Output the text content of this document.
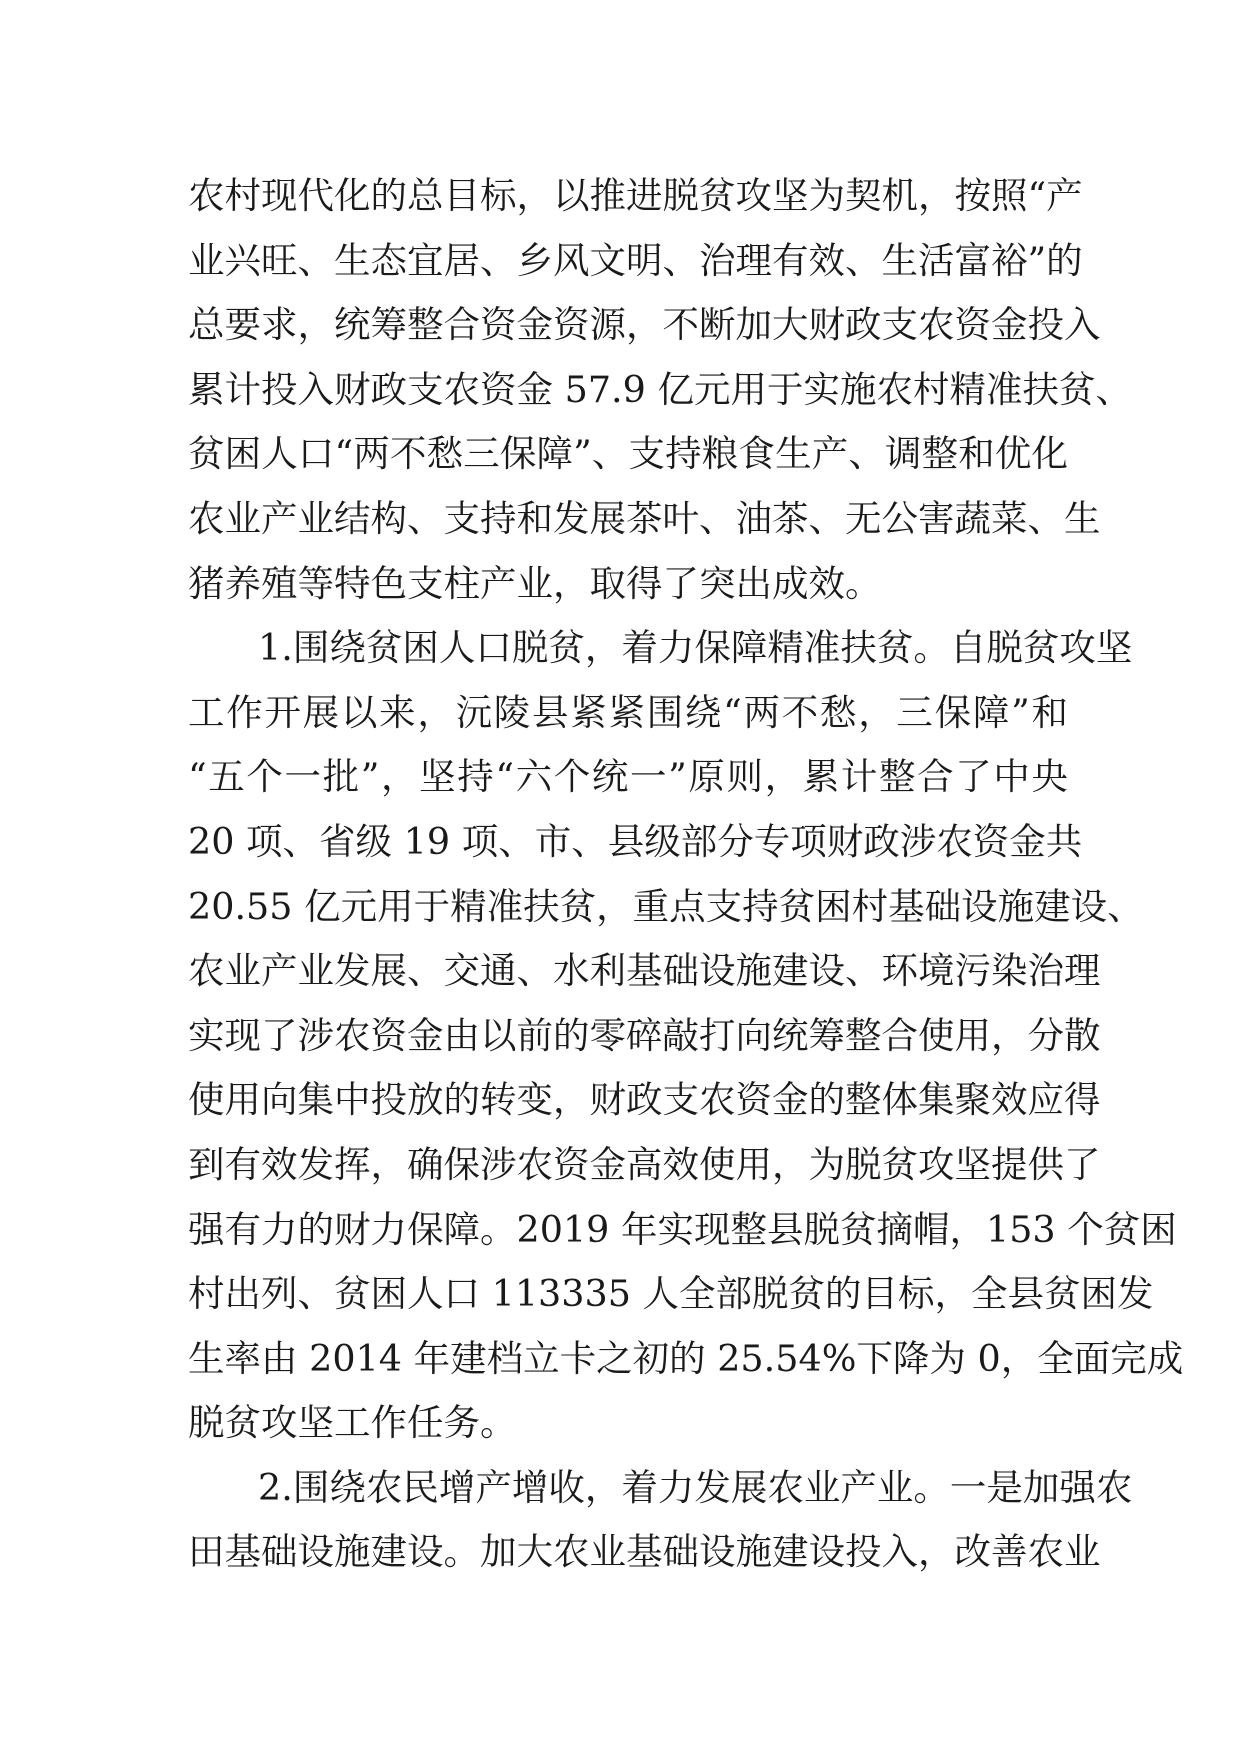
农村现代化的总目标，以推进脱贫攻坚为契机，按照“产
业兴旺、生态宜居、乡风文明、治理有效、生活富裕”的
总要求，统筹整合资金资源，不断加大财政支农资金投入
累计投入财政支农资金 57.9 亿元用于实施农村精准扶贫、
贫困人口“两不愁三保障”、支持粮食生产、调整和优化
农业产业结构、支持和发展茶叶、油茶、无公害蔬菜、生
猪养殖等特色支柱产业，取得了突出成效。
1.围绕贫困人口脱贫，着力保障精准扶贫。自脱贫攻坚
工作开展以来，沅陵县紧紧围绕“两不愁，三保障”和
“五个一批”，坚持“六个统一”原则，累计整合了中央
20 项、省级 19 项、市、县级部分专项财政涉农资金共
20.55 亿元用于精准扶贫，重点支持贫困村基础设施建设、
农业产业发展、交通、水利基础设施建设、环境污染治理
实现了涉农资金由以前的零碎敲打向统筹整合使用，分散
使用向集中投放的转变，财政支农资金的整体集聚效应得
到有效发挥，确保涉农资金高效使用，为脱贫攻坚提供了
强有力的财力保障。2019 年实现整县脱贫摘帽，153 个贫困
村出列、贫困人口 113335 人全部脱贫的目标，全县贫困发
生率由 2014 年建档立卡之初的 25.54%下降为 0，全面完成
脱贫攻坚工作任务。
2.围绕农民增产增收，着力发展农业产业。一是加强农
田基础设施建设。加大农业基础设施建设投入，改善农业
